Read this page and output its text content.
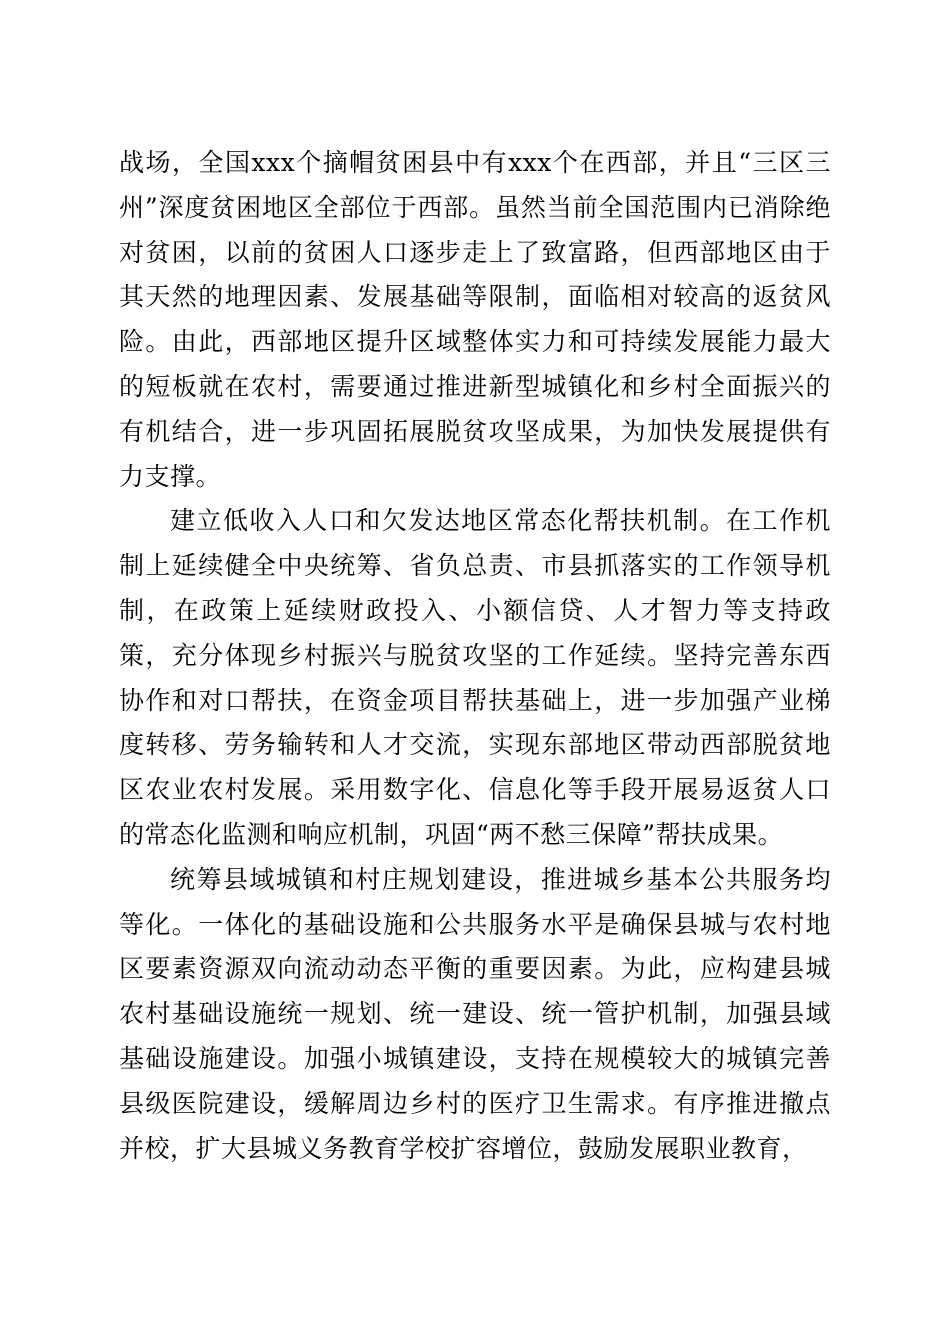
战场，全国xxx个摘帽贫困县中有xxx个在西部，并且“三区三州”深度贫困地区全部位于西部。虽然当前全国范围内已消除绝对贫困，以前的贫困人口逐步走上了致富路，但西部地区由于其天然的地理因素、发展基础等限制，面临相对较高的返贫风险。由此，西部地区提升区域整体实力和可持续发展能力最大的短板就在农村，需要通过推进新型城镇化和乡村全面振兴的有机结合，进一步巩固拓展脱贫攻坚成果，为加快发展提供有力支撑。

建立低收入人口和欠发达地区常态化帮扶机制。在工作机制上延续健全中央统筹、省负总责、市县抓落实的工作领导机制，在政策上延续财政投入、小额信贷、人才智力等支持政策，充分体现乡村振兴与脱贫攻坚的工作延续。坚持完善东西协作和对口帮扶，在资金项目帮扶基础上，进一步加强产业梯度转移、劳务输转和人才交流，实现东部地区带动西部脱贫地区农业农村发展。采用数字化、信息化等手段开展易返贫人口的常态化监测和响应机制，巩固“两不愁三保障”帮扶成果。

统筹县域城镇和村庄规划建设，推进城乡基本公共服务均等化。一体化的基础设施和公共服务水平是确保县城与农村地区要素资源双向流动动态平衡的重要因素。为此，应构建县城农村基础设施统一规划、统一建设、统一管护机制，加强县域基础设施建设。加强小城镇建设，支持在规模较大的城镇完善县级医院建设，缓解周边乡村的医疗卫生需求。有序推进撤点并校，扩大县城义务教育学校扩容增位，鼓励发展职业教育，
